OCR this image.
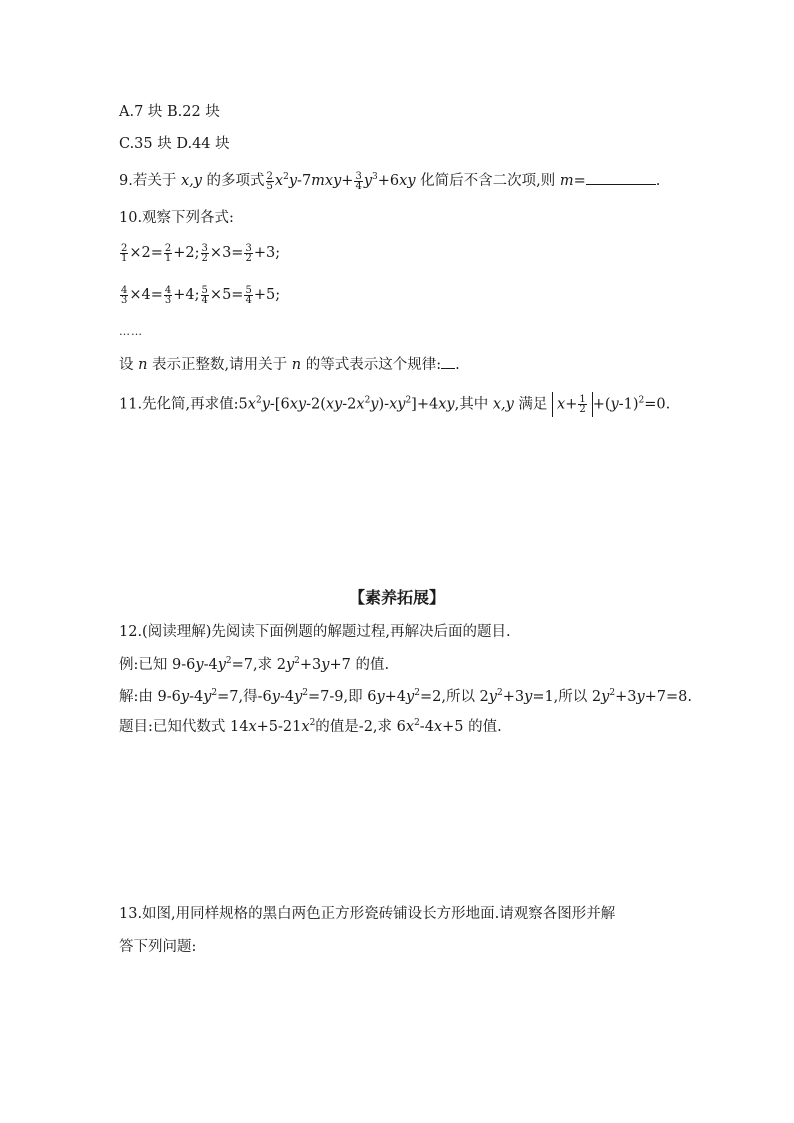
A.7 块 B.22 块
C.35 块 D.44 块
9.若关于 x,y 的多项式 $\frac{2}{5} x^2y-7mxy+ \frac{3}{4} y^3+6xy$ 化简后不含二次项,则 m=	.
10.观察下列各式:
$\frac{2}{1} \times 2= \frac{2}{1} +2$; $\frac{3}{2} \times 3= \frac{3}{2} +3$;
$\frac{4}{3} \times 4= \frac{4}{3} +4$; $\frac{5}{4} \times 5= \frac{5}{4} +5$;
……
设 n 表示正整数,请用关于 n 的等式表示这个规律: .
11.先化简,再求值$:5x^2y-[6xy-2(xy-2x^2y)-xy^2]+4xy$,其中 x,y 满足 $x+ \frac{1}{2} +(y-1)^2=0$.
【素养拓展】
12.(阅读理解)先阅读下面例题的解题过程,再解决后面的题目.
例:已知 $9-6y-4y^2=7$,求 $2y^2+3y+7$ 的值.
解:由 $9-6y-4y^2=7$,得$-6y-4y^2=7-9$,即 $6y+4y^2=2$,所以 $2y^2+3y=1$,所以 $2y^2+3y+7=8$.
题目:已知代数式 $14x+5-21x^2$的值是-2,求 $6x^2-4x+5$ 的值.
13.如图,用同样规格的黑白两色正方形瓷砖铺设长方形地面.请观察各图形并解
答下列问题:
